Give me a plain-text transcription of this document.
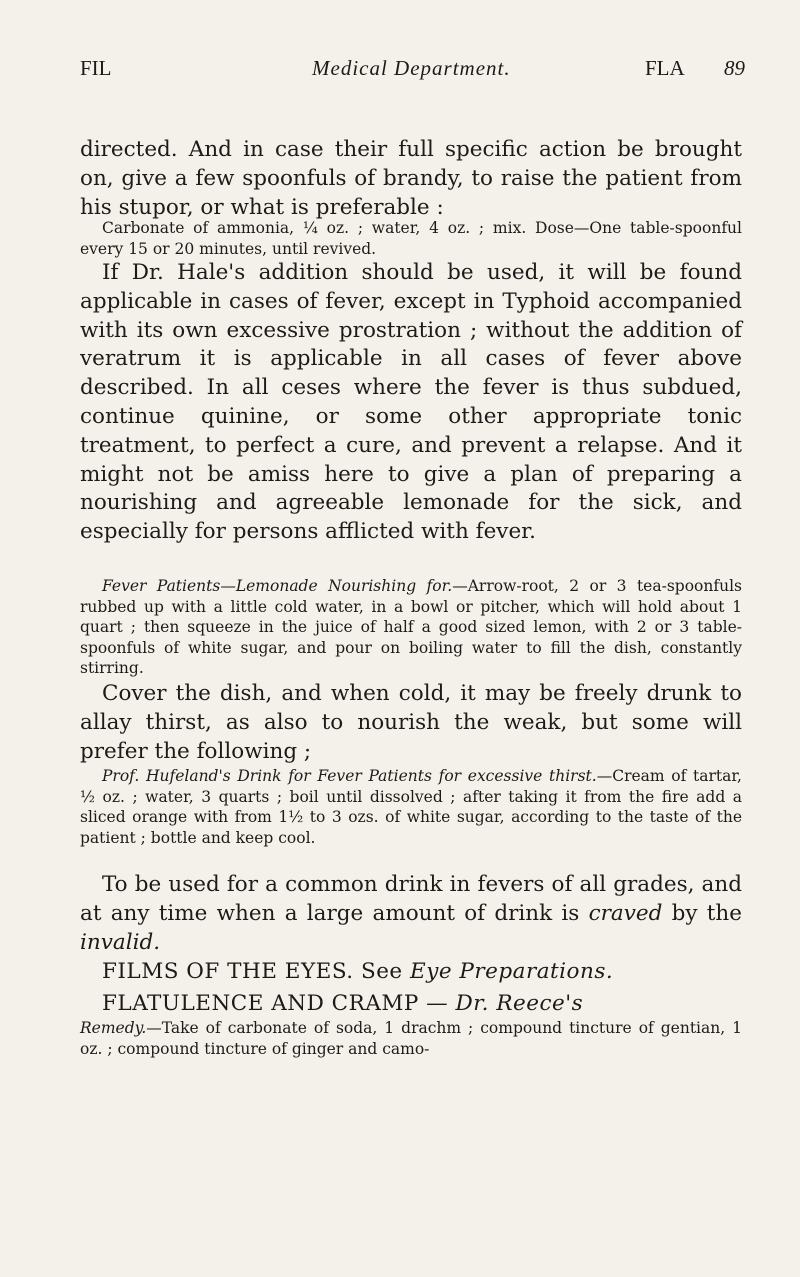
FIL	Medical Department.	FLA 89

directed. And in case their full specific action be brought on, give a few spoonfuls of brandy, to raise the patient from his stupor, or what is preferable :

Carbonate of ammonia, ¼ oz. ; water, 4 oz. ; mix. Dose—One table-spoonful every 15 or 20 minutes, until revived.

If Dr. Hale's addition should be used, it will be found applicable in cases of fever, except in Typhoid accompanied with its own excessive prostration ; without the addition of veratrum it is applicable in all cases of fever above described. In all ceses where the fever is thus subdued, continue quinine, or some other appropriate tonic treatment, to perfect a cure, and prevent a relapse. And it might not be amiss here to give a plan of preparing a nourishing and agreeable lemonade for the sick, and especially for persons afflicted with fever.

Fever Patients—Lemonade Nourishing for.—Arrow-root, 2 or 3 tea-spoonfuls rubbed up with a little cold water, in a bowl or pitcher, which will hold about 1 quart ; then squeeze in the juice of half a good sized lemon, with 2 or 3 table-spoonfuls of white sugar, and pour on boiling water to fill the dish, constantly stirring.

Cover the dish, and when cold, it may be freely drunk to allay thirst, as also to nourish the weak, but some will prefer the following ;

Prof. Hufeland's Drink for Fever Patients for excessive thirst.—Cream of tartar, ½ oz. ; water, 3 quarts ; boil until dissolved ; after taking it from the fire add a sliced orange with from 1½ to 3 ozs. of white sugar, according to the taste of the patient ; bottle and keep cool.

To be used for a common drink in fevers of all grades, and at any time when a large amount of drink is craved by the invalid.

FILMS OF THE EYES. See Eye Preparations.

FLATULENCE AND CRAMP — Dr. Reece's

Remedy.—Take of carbonate of soda, 1 drachm ; compound tincture of gentian, 1 oz. ; compound tincture of ginger and camo-
